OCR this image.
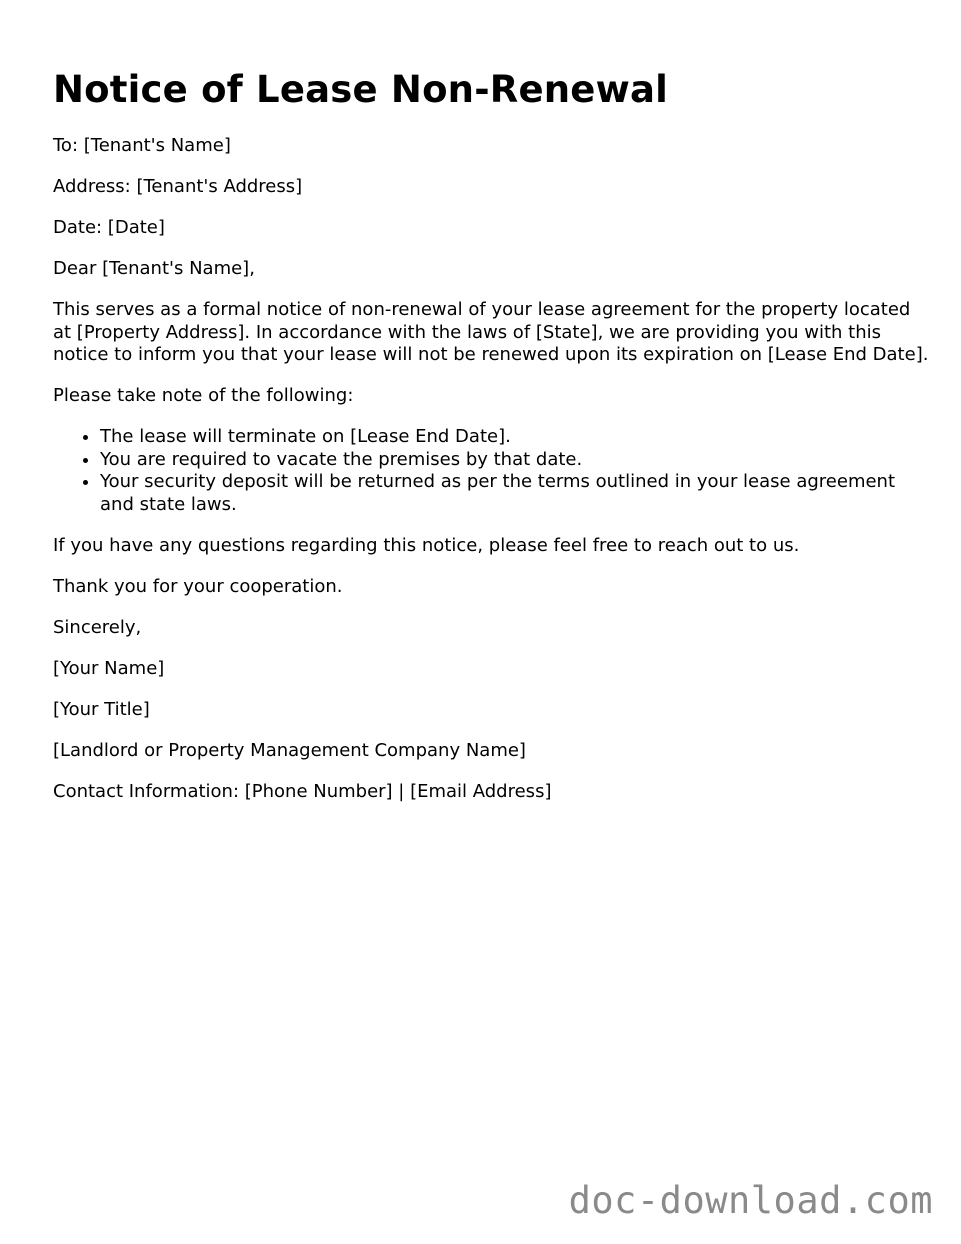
Notice of Lease Non-Renewal

To: [Tenant's Name]

Address: [Tenant's Address]

Date: [Date]

Dear [Tenant's Name],

This serves as a formal notice of non-renewal of your lease agreement for the property located at [Property Address]. In accordance with the laws of [State], we are providing you with this notice to inform you that your lease will not be renewed upon its expiration on [Lease End Date].

Please take note of the following:

• The lease will terminate on [Lease End Date].
• You are required to vacate the premises by that date.
• Your security deposit will be returned as per the terms outlined in your lease agreement and state laws.

If you have any questions regarding this notice, please feel free to reach out to us.

Thank you for your cooperation.

Sincerely,

[Your Name]

[Your Title]

[Landlord or Property Management Company Name]

Contact Information: [Phone Number] | [Email Address]

doc-download.com
